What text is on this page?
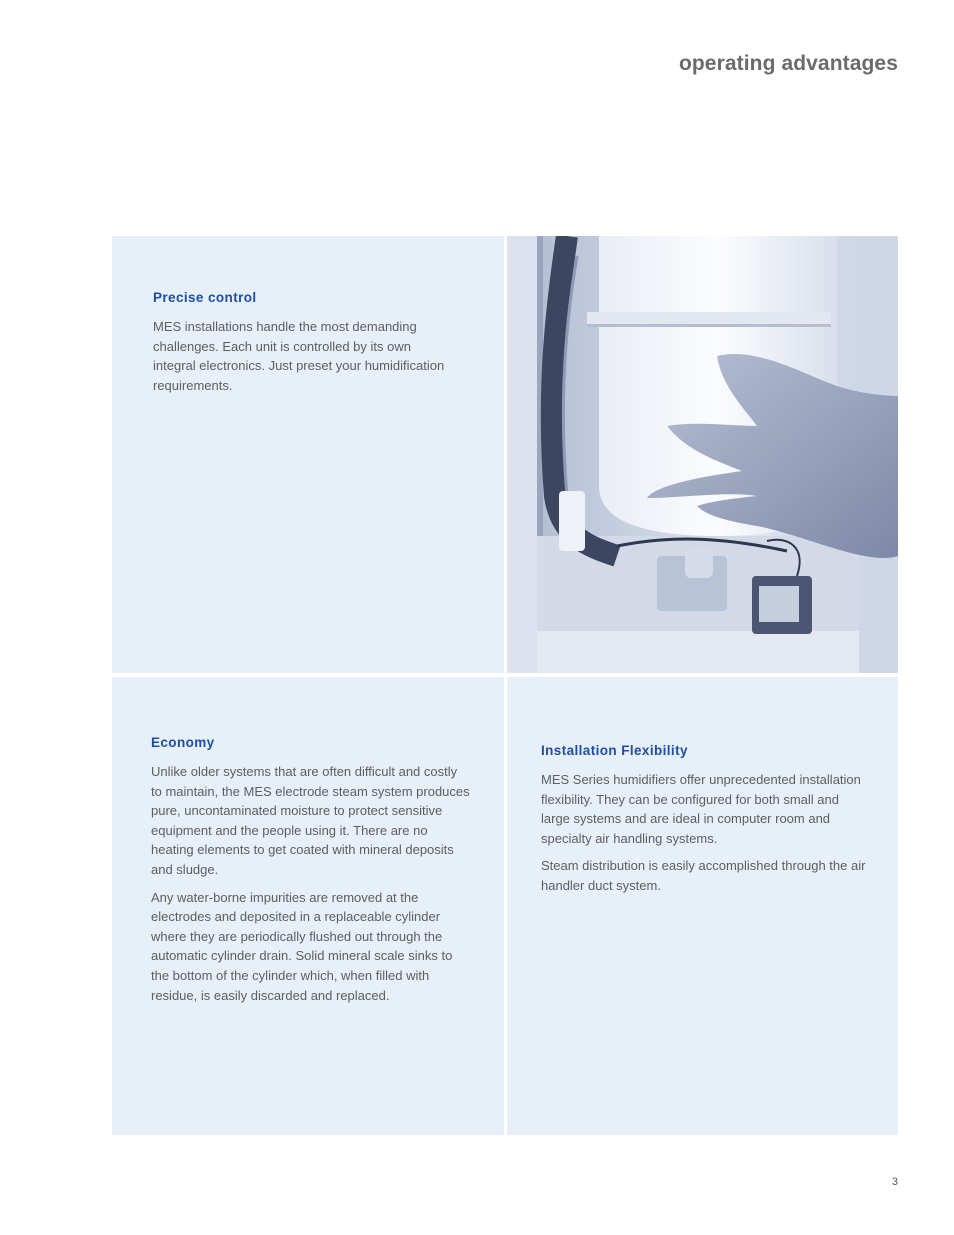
operating advantages
Precise control

MES installations handle the most demanding challenges. Each unit is controlled by its own integral electronics. Just preset your humidification requirements.

Economy

Unlike older systems that are often difficult and costly to maintain, the MES electrode steam system produces pure, uncontaminated moisture to protect sensitive equipment and the people using it. There are no heating elements to get coated with mineral deposits and sludge.

Any water-borne impurities are removed at the electrodes and deposited in a replaceable cylinder where they are periodically flushed out through the automatic cylinder drain. Solid mineral scale sinks to the bottom of the cylinder which, when filled with residue, is easily discarded and replaced.

Installation Flexibility

MES Series humidifiers offer unprecedented installation flexibility. They can be configured for both small and large systems and are ideal in computer room and specialty air handling systems.

Steam distribution is easily accomplished through the air handler duct system.

3
